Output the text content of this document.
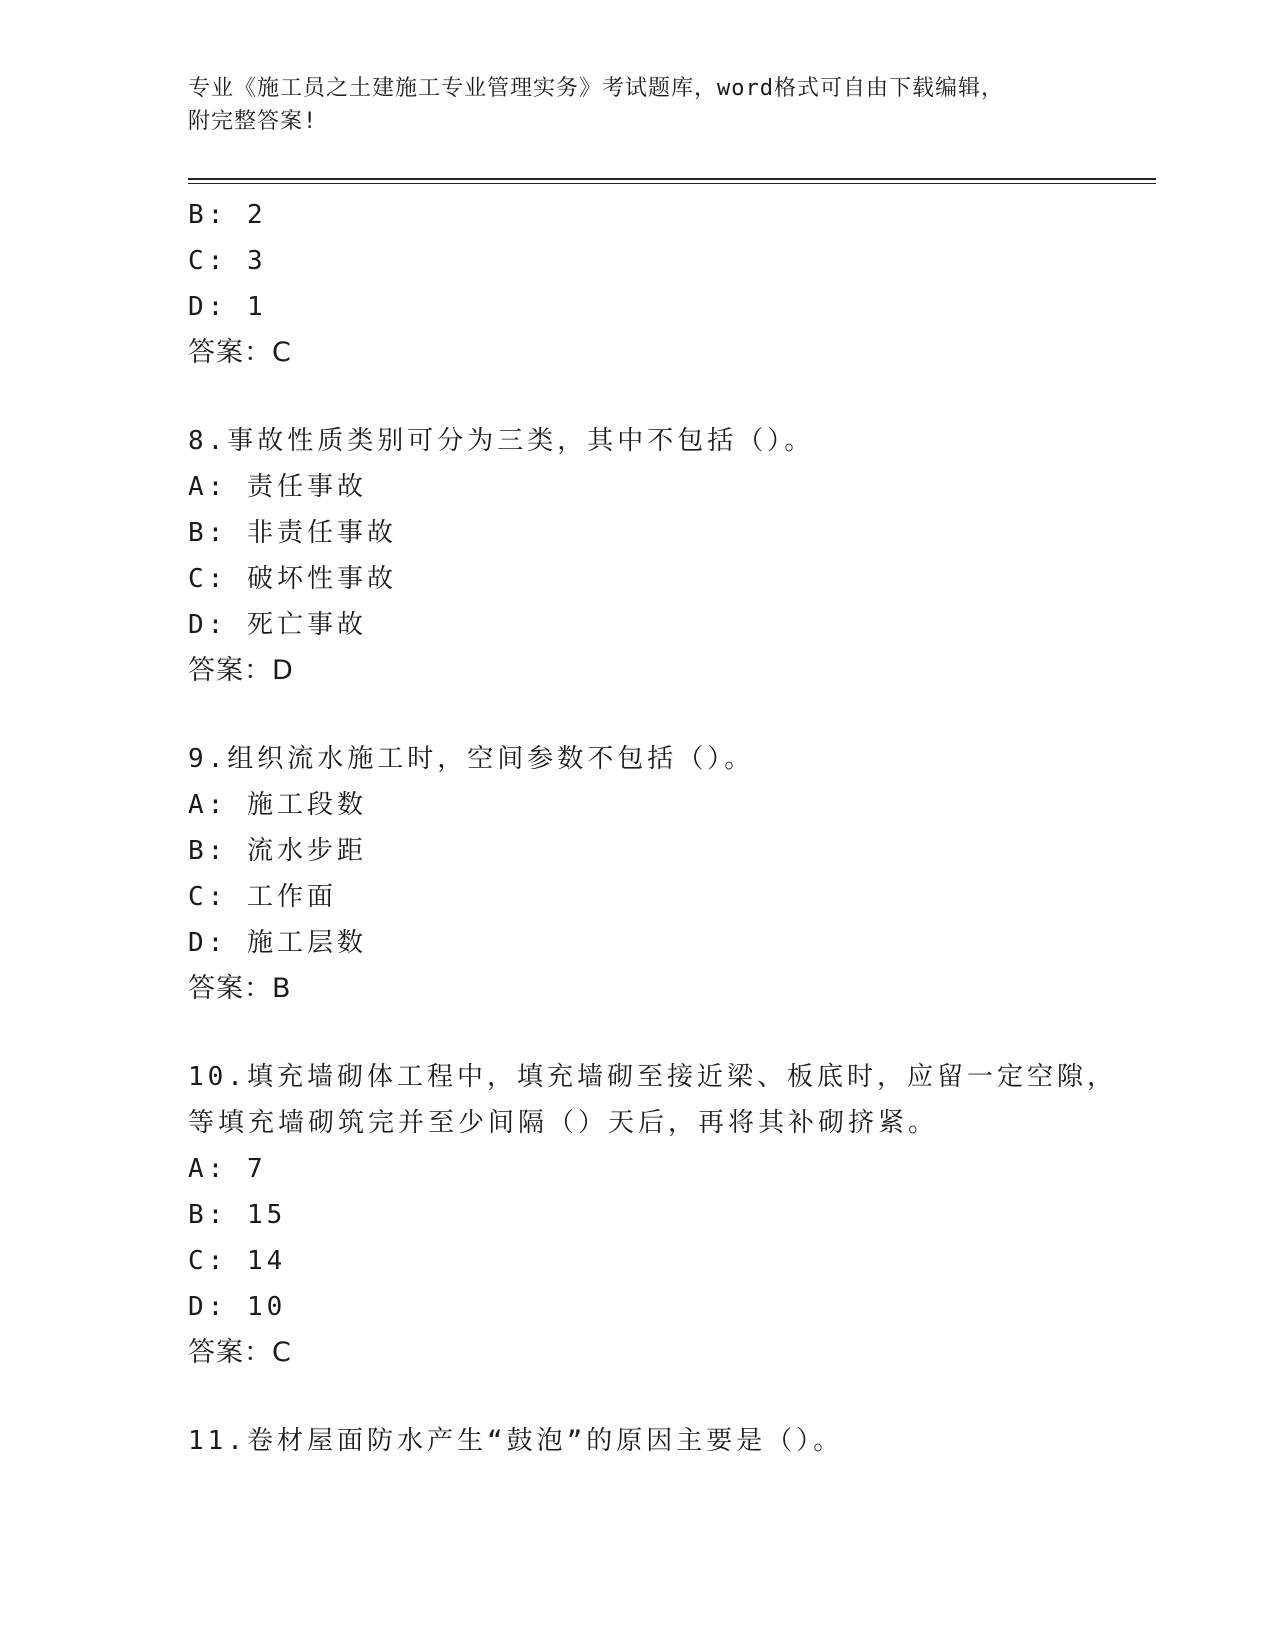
专业《施工员之土建施工专业管理实务》考试题库，word格式可自由下载编辑，
附完整答案!
B: 2
C: 3
D: 1
答案：C
8.事故性质类别可分为三类，其中不包括（）。
A: 责任事故
B: 非责任事故
C: 破坏性事故
D: 死亡事故
答案：D
9.组织流水施工时，空间参数不包括（）。
A: 施工段数
B: 流水步距
C: 工作面
D: 施工层数
答案：B
10.填充墙砌体工程中，填充墙砌至接近梁、板底时，应留一定空隙，
等填充墙砌筑完并至少间隔（）天后，再将其补砌挤紧。
A: 7
B: 15
C: 14
D: 10
答案：C
11.卷材屋面防水产生“鼓泡”的原因主要是（）。
